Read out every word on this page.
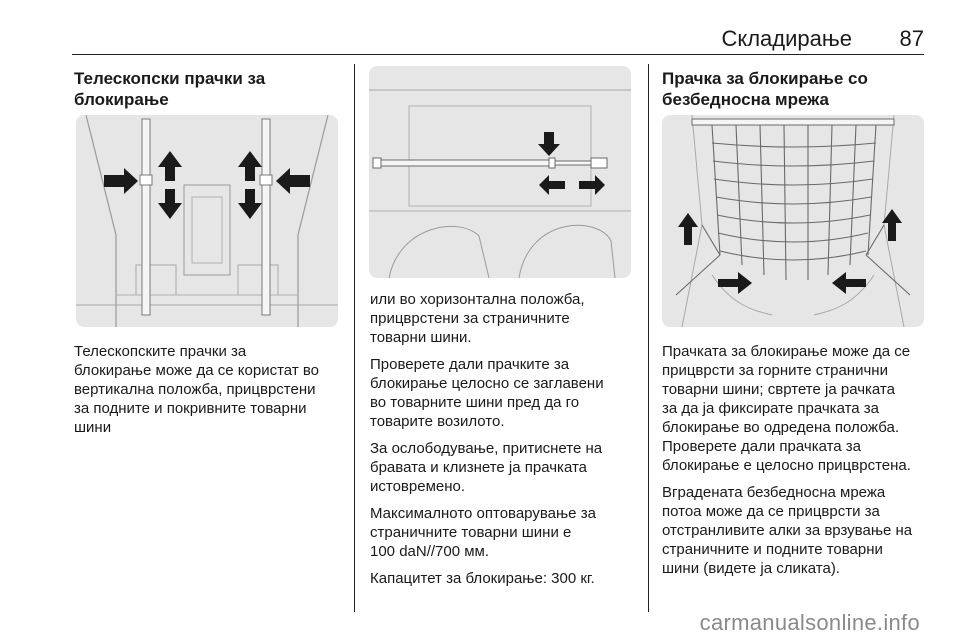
Складирање 87
Телескопски прачки за
блокирање

Телескопските прачки за
блокирање може да се користат во
вертикална положба, прицврстени
за подните и покривните товарни
шини

или во хоризонтална положба,
прицврстени за страничните
товарни шини.

Проверете дали прачките за
блокирање целосно се заглавени
во товарните шини пред да го
товарите возилото.

За ослободување, притиснете на
бравата и клизнете ја прачката
истовремено.

Максималното оптоварување за
страничните товарни шини е
100 daN//700 мм.

Капацитет за блокирање: 300 кг.

Прачка за блокирање со
безбедносна мрежа

Прачката за блокирање може да се
прицврсти за горните странични
товарни шини; свртете ја рачката
за да ја фиксирате прачката за
блокирање во одредена положба.
Проверете дали прачката за
блокирање е целосно прицврстена.

Вградената безбедносна мрежа
потоа може да се прицврсти за
отстранливите алки за врзување на
страничните и подните товарни
шини (видете ја сликата).

carmanualsonline.info
